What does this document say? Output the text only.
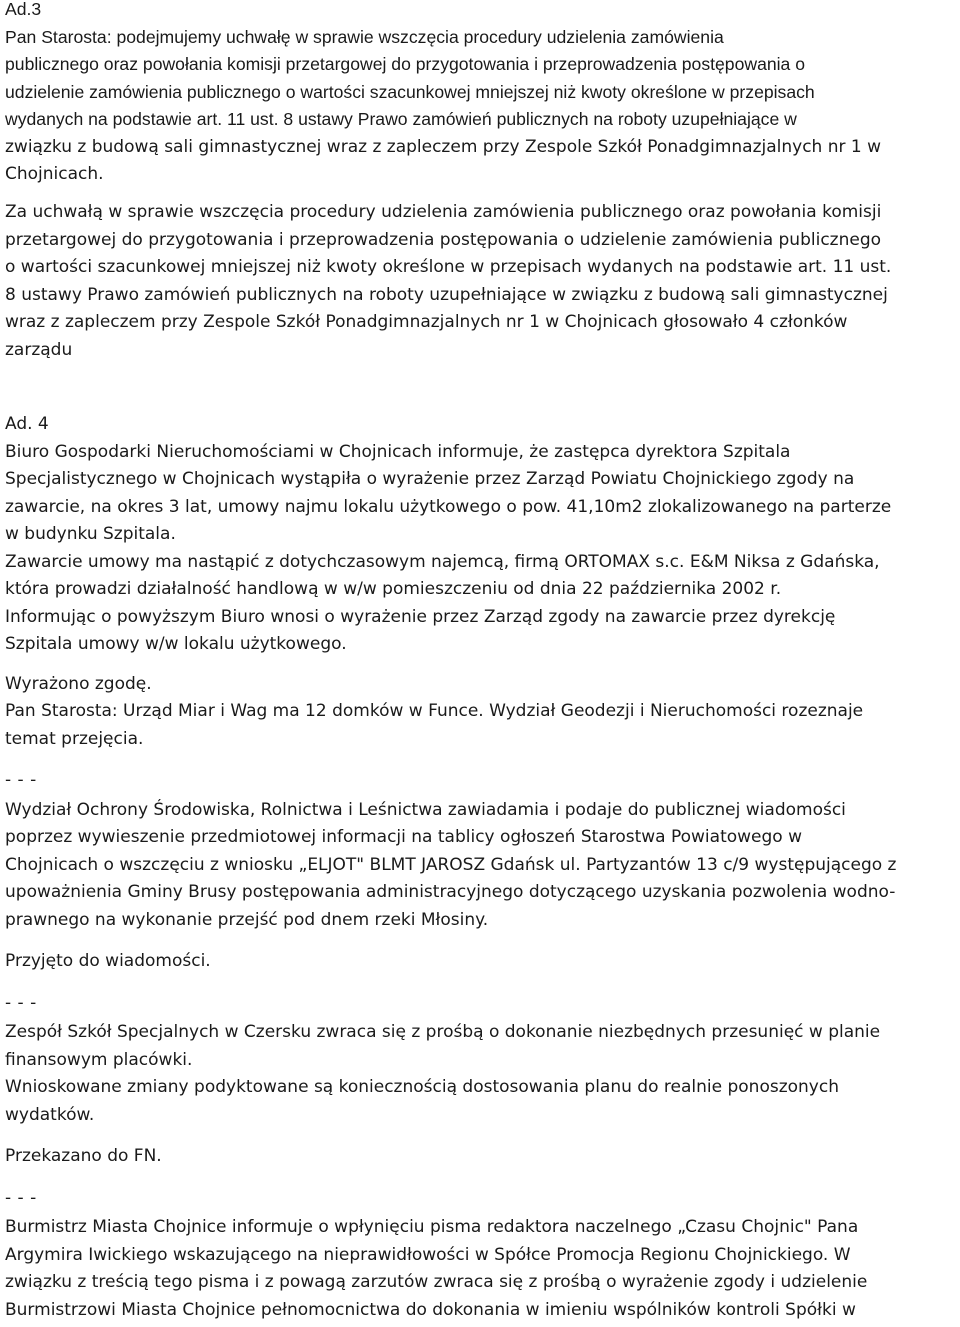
Ad.3

Pan Starosta: podejmujemy uchwałę w sprawie wszczęcia procedury udzielenia zamówienia

publicznego oraz powołania komisji przetargowej do przygotowania i przeprowadzenia postępowania o

udzielenie zamówienia publicznego o wartości szacunkowej mniejszej niż kwoty określone w przepisach

wydanych na podstawie art. 11 ust. 8 ustawy Prawo zamówień publicznych na roboty uzupełniające w

związku z budową sali gimnastycznej wraz z zapleczem przy Zespole Szkół Ponadgimnazjalnych nr 1 w

Chojnicach.

Za uchwałą w sprawie wszczęcia procedury udzielenia zamówienia publicznego oraz powołania komisji

przetargowej do przygotowania i przeprowadzenia postępowania o udzielenie zamówienia publicznego

o wartości szacunkowej mniejszej niż kwoty określone w przepisach wydanych na podstawie art. 11 ust.

8 ustawy Prawo zamówień publicznych na roboty uzupełniające w związku z budową sali gimnastycznej

wraz z zapleczem przy Zespole Szkół Ponadgimnazjalnych nr 1 w Chojnicach głosowało 4 członków

zarządu

Ad. 4

Biuro Gospodarki Nieruchomościami w Chojnicach informuje, że zastępca dyrektora Szpitala

Specjalistycznego w Chojnicach wystąpiła o wyrażenie przez Zarząd Powiatu Chojnickiego zgody na

zawarcie, na okres 3 lat, umowy najmu lokalu użytkowego o pow. 41,10m2 zlokalizowanego na parterze

w budynku Szpitala.

Zawarcie umowy ma nastąpić z dotychczasowym najemcą, firmą ORTOMAX s.c. E&M Niksa z Gdańska,

która prowadzi działalność handlową w w/w pomieszczeniu od dnia 22 października 2002 r.

Informując o powyższym Biuro wnosi o wyrażenie przez Zarząd zgody na zawarcie przez dyrekcję

Szpitala umowy w/w lokalu użytkowego.

Wyrażono zgodę.

Pan Starosta: Urząd Miar i Wag ma 12 domków w Funce. Wydział Geodezji i Nieruchomości rozeznaje

temat przejęcia.

- - -

Wydział Ochrony Środowiska, Rolnictwa i Leśnictwa zawiadamia i podaje do publicznej wiadomości

poprzez wywieszenie przedmiotowej informacji na tablicy ogłoszeń Starostwa Powiatowego w

Chojnicach o wszczęciu z wniosku „ELJOT" BLMT JAROSZ Gdańsk ul. Partyzantów 13 c/9 występującego z

upoważnienia Gminy Brusy postępowania administracyjnego dotyczącego uzyskania pozwolenia wodno-

prawnego na wykonanie przejść pod dnem rzeki Młosiny.

Przyjęto do wiadomości.

- - -

Zespół Szkół Specjalnych w Czersku zwraca się z prośbą o dokonanie niezbędnych przesunięć w planie

finansowym placówki.

Wnioskowane zmiany podyktowane są koniecznością dostosowania planu do realnie ponoszonych

wydatków.

Przekazano do FN.

- - -

Burmistrz Miasta Chojnice informuje o wpłynięciu pisma redaktora naczelnego „Czasu Chojnic" Pana

Argymira Iwickiego wskazującego na nieprawidłowości w Spółce Promocja Regionu Chojnickiego. W

związku z treścią tego pisma i z powagą zarzutów zwraca się z prośbą o wyrażenie zgody i udzielenie

Burmistrzowi Miasta Chojnice pełnomocnictwa do dokonania w imieniu wspólników kontroli Spółki w
